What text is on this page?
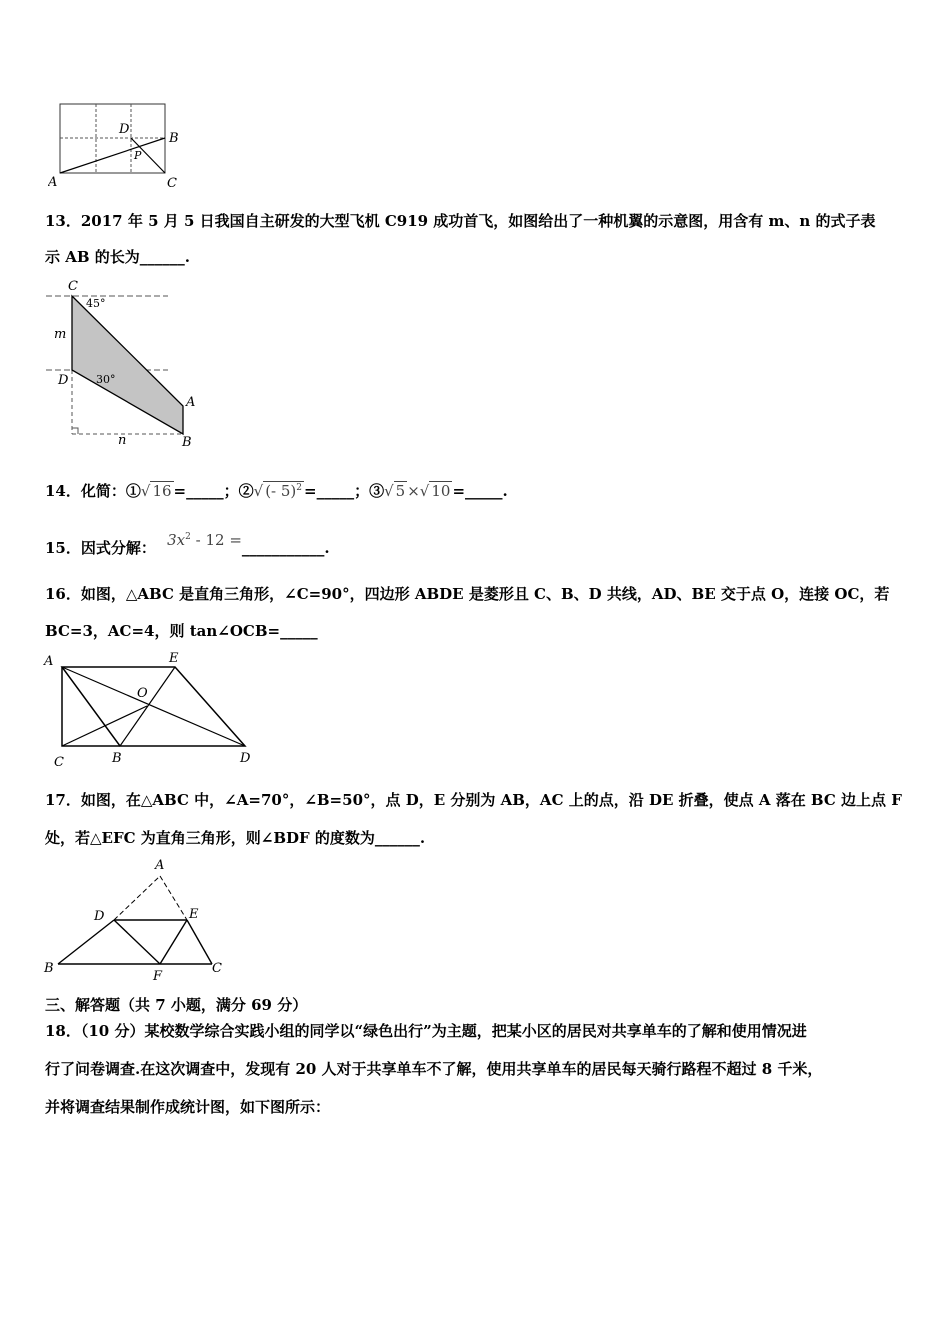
A
B
C
D
P
13．2017 年 5 月 5 日我国自主研发的大型飞机 C919 成功首飞，如图给出了一种机翼的示意图，用含有 m、n 的式子表
示 AB 的长为______.
C
D
A
B
m
n
45°
30°
14．化简：①√ 16 =_____；②√ (- 5)$^2$ =_____；③√ 5 ×√ 10 =_____.
15．因式分解： $3x^2 - 12$ =___________.
16．如图，△ABC 是直角三角形，∠C=90°，四边形 ABDE 是菱形且 C、B、D 共线，AD、BE 交于点 O，连接 OC，若
BC=3，AC=4，则 tan∠OCB=_____
A	E
O
C	B	D
17．如图，在△ABC 中，∠A=70°，∠B=50°，点 D，E 分别为 AB，AC 上的点，沿 DE 折叠，使点 A 落在 BC 边上点 F
处，若△EFC 为直角三角形，则∠BDF 的度数为______.
A
D	E
B
F
C
三、解答题（共 7 小题，满分 69 分）
18．（10 分）某校数学综合实践小组的同学以“绿色出行”为主题，把某小区的居民对共享单车的了解和使用情况进
行了问卷调查.在这次调查中，发现有 20 人对于共享单车不了解，使用共享单车的居民每天骑行路程不超过 8 千米，
并将调查结果制作成统计图，如下图所示：
